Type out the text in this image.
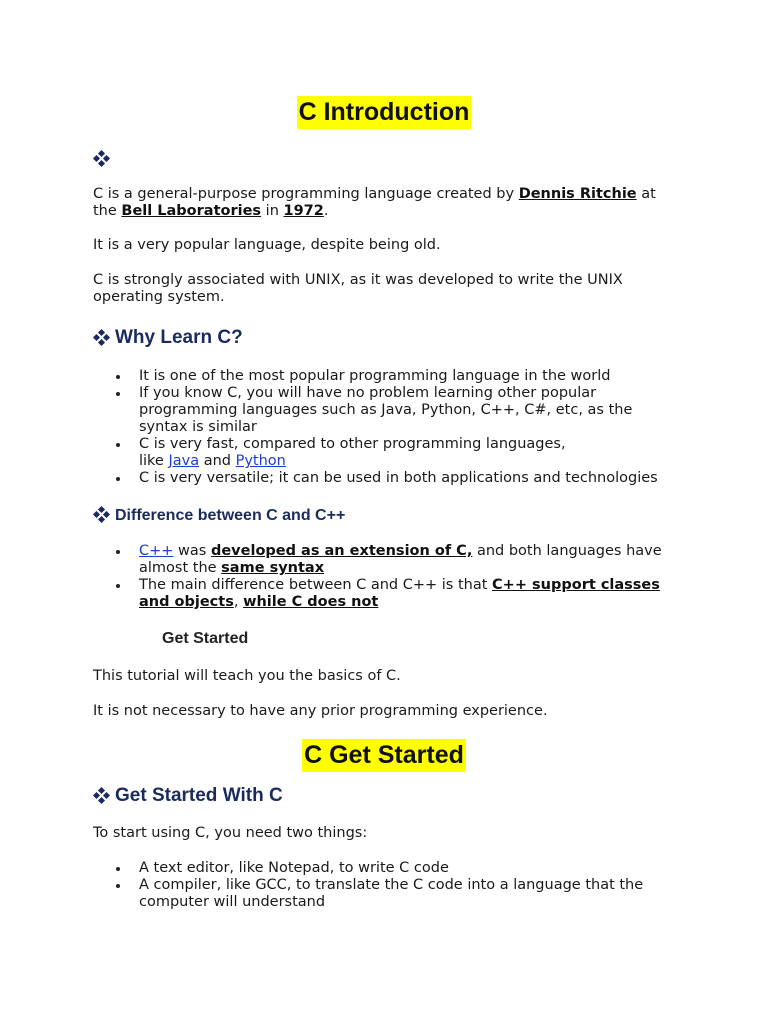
C Introduction

C is a general-purpose programming language created by Dennis Ritchie at
the Bell Laboratories in 1972.

It is a very popular language, despite being old.

C is strongly associated with UNIX, as it was developed to write the UNIX operating system.

Why Learn C?
It is one of the most popular programming language in the world
If you know C, you will have no problem learning other popular programming languages such as Java, Python, C++, C#, etc, as the syntax is similar
C is very fast, compared to other programming languages,
like Java and Python
C is very versatile; it can be used in both applications and technologies
Difference between C and C++
C++ was developed as an extension of C, and both languages have almost the same syntax
The main difference between C and C++ is that C++ support classes and objects, while C does not
Get Started

This tutorial will teach you the basics of C.

It is not necessary to have any prior programming experience.

C Get Started
Get Started With C

To start using C, you need two things:

A text editor, like Notepad, to write C code
A compiler, like GCC, to translate the C code into a language that the computer will understand
